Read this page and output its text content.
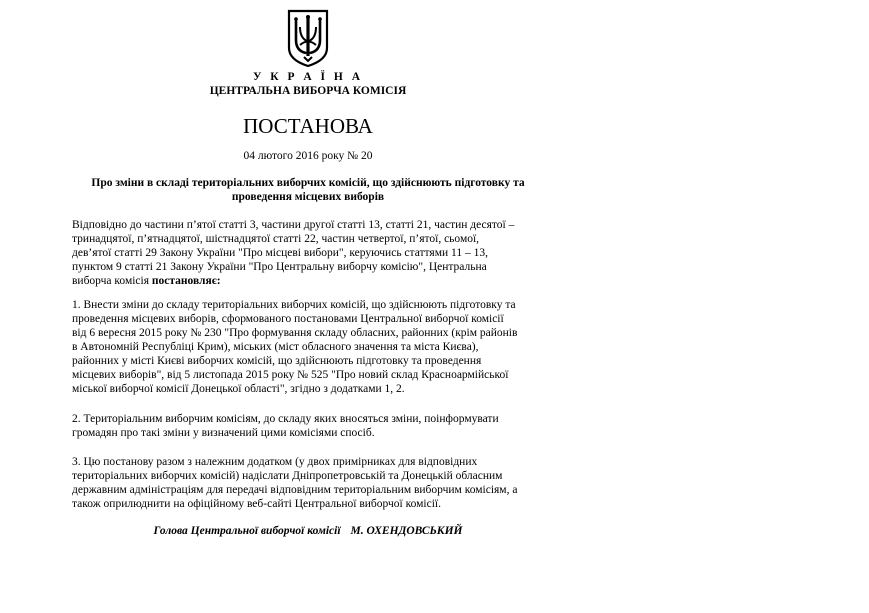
У К Р А Ї Н А
ЦЕНТРАЛЬНА ВИБОРЧА КОМІСІЯ
ПОСТАНОВА
04 лютого 2016 року № 20
Про зміни в складі територіальних виборчих комісій, що здійснюють підготовку та
проведення місцевих виборів
Відповідно до частини п’ятої статті 3, частини другої статті 13, статті 21, частин десятої –
тринадцятої, п’ятнадцятої, шістнадцятої статті 22, частин четвертої, п’ятої, сьомої,
дев’ятої статті 29 Закону України "Про місцеві вибори", керуючись статтями 11 – 13,
пунктом 9 статті 21 Закону України "Про Центральну виборчу комісію", Центральна
виборча комісія постановляє:
1. Внести зміни до складу територіальних виборчих комісій, що здійснюють підготовку та
проведення місцевих виборів, сформованого постановами Центральної виборчої комісії
від 6 вересня 2015 року № 230 "Про формування складу обласних, районних (крім районів
в Автономній Республіці Крим), міських (міст обласного значення та міста Києва),
районних у місті Києві виборчих комісій, що здійснюють підготовку та проведення
місцевих виборів", від 5 листопада 2015 року № 525 "Про новий склад Красноармійської
міської виборчої комісії Донецької області", згідно з додатками 1, 2.
2. Територіальним виборчим комісіям, до складу яких вносяться зміни, поінформувати
громадян про такі зміни у визначений цими комісіями спосіб.
3. Цю постанову разом з належним додатком (у двох примірниках для відповідних
територіальних виборчих комісій) надіслати Дніпропетровській та Донецькій обласним
державним адміністраціям для передачі відповідним територіальним виборчим комісіям, а
також оприлюднити на офіційному веб-сайті Центральної виборчої комісії.
Голова Центральної виборчої комісії М. ОХЕНДОВСЬКИЙ
